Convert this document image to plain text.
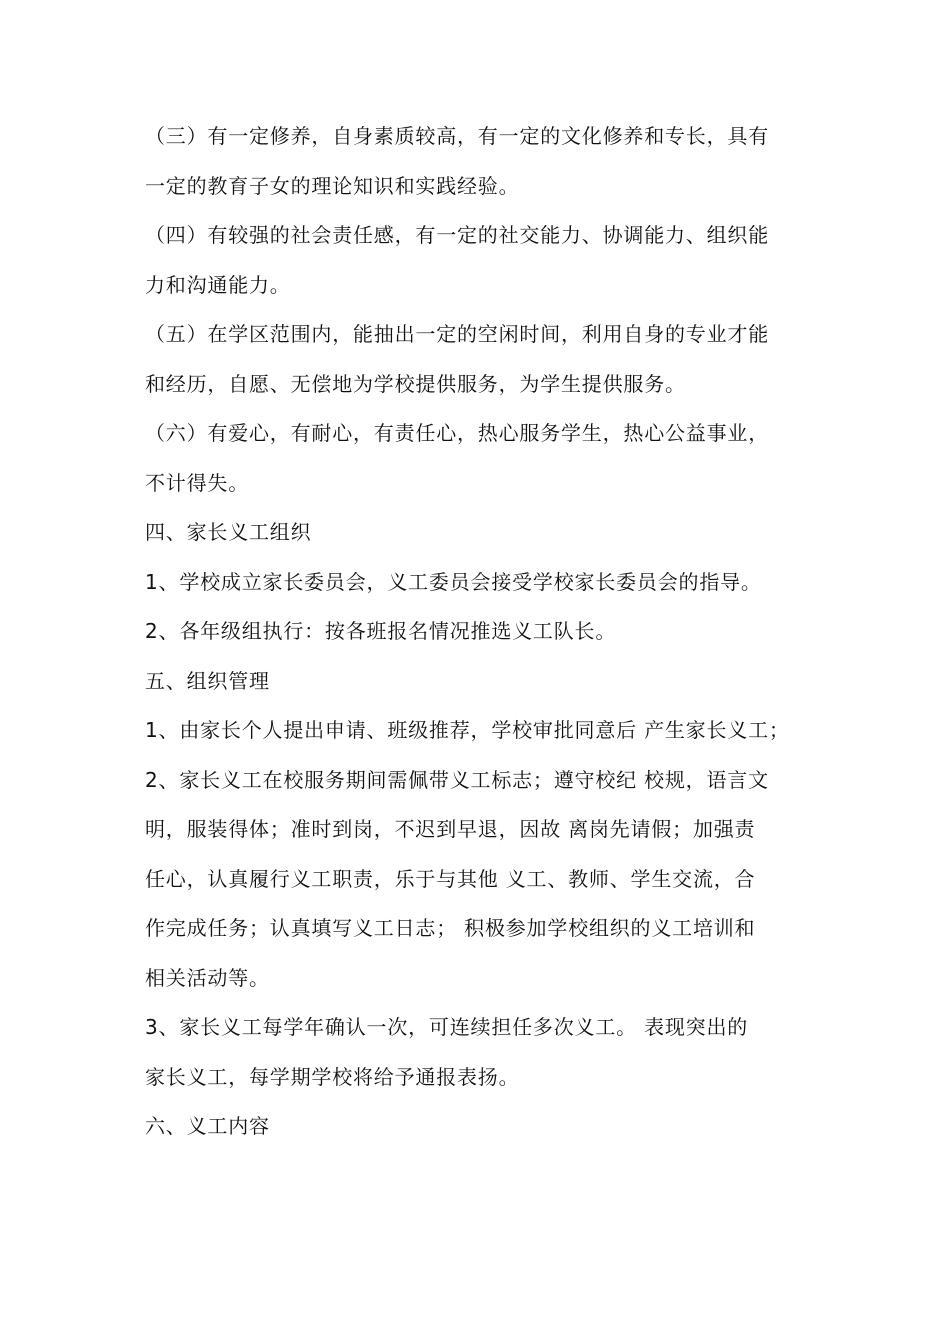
（三）有一定修养，自身素质较高，有一定的文化修养和专长，具有
一定的教育子女的理论知识和实践经验。
（四）有较强的社会责任感，有一定的社交能力、协调能力、组织能
力和沟通能力。
（五）在学区范围内，能抽出一定的空闲时间，利用自身的专业才能
和经历，自愿、无偿地为学校提供服务，为学生提供服务。
（六）有爱心，有耐心，有责任心，热心服务学生，热心公益事业，
不计得失。
四、家长义工组织
1、学校成立家长委员会，义工委员会接受学校家长委员会的指导。
2、各年级组执行：按各班报名情况推选义工队长。
五、组织管理
1、由家长个人提出申请、班级推荐，学校审批同意后 产生家长义工；
2、家长义工在校服务期间需佩带义工标志；遵守校纪 校规，语言文
明，服装得体；准时到岗，不迟到早退，因故 离岗先请假；加强责
任心，认真履行义工职责，乐于与其他 义工、教师、学生交流，合
作完成任务；认真填写义工日志； 积极参加学校组织的义工培训和
相关活动等。
3、家长义工每学年确认一次，可连续担任多次义工。 表现突出的
家长义工，每学期学校将给予通报表扬。
六、义工内容
